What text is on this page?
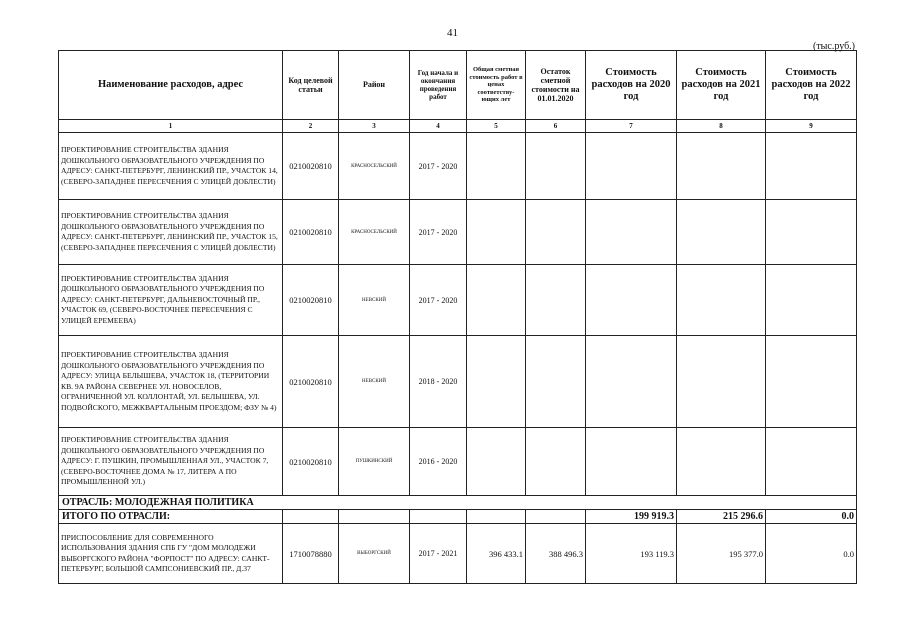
41
(тыс.руб.)
Наименование расходов, адрес	Код целевой статьи	Район	Год начала и окончания проведения работ	Общая сметная стоимость работ в ценах соответству-ющих лет	Остаток сметной стоимости на 01.01.2020	Стоимость расходов на 2020 год	Стоимость расходов на 2021 год	Стоимость расходов на 2022 год
1	2	3	4	5	6	7	8	9
ПРОЕКТИРОВАНИЕ СТРОИТЕЛЬСТВА ЗДАНИЯ ДОШКОЛЬНОГО ОБРАЗОВАТЕЛЬНОГО УЧРЕЖДЕНИЯ ПО АДРЕСУ: САНКТ-ПЕТЕРБУРГ, ЛЕНИНСКИЙ ПР., УЧАСТОК 14, (СЕВЕРО-ЗАПАДНЕЕ ПЕРЕСЕЧЕНИЯ С УЛИЦЕЙ ДОБЛЕСТИ)	0210020810	КРАСНОСЕЛЬСКИЙ	2017 - 2020					
ПРОЕКТИРОВАНИЕ СТРОИТЕЛЬСТВА ЗДАНИЯ ДОШКОЛЬНОГО ОБРАЗОВАТЕЛЬНОГО УЧРЕЖДЕНИЯ ПО АДРЕСУ: САНКТ-ПЕТЕРБУРГ, ЛЕНИНСКИЙ ПР., УЧАСТОК 15, (СЕВЕРО-ЗАПАДНЕЕ ПЕРЕСЕЧЕНИЯ С УЛИЦЕЙ ДОБЛЕСТИ)	0210020810	КРАСНОСЕЛЬСКИЙ	2017 - 2020					
ПРОЕКТИРОВАНИЕ СТРОИТЕЛЬСТВА ЗДАНИЯ ДОШКОЛЬНОГО ОБРАЗОВАТЕЛЬНОГО УЧРЕЖДЕНИЯ ПО АДРЕСУ: САНКТ-ПЕТЕРБУРГ, ДАЛЬНЕВОСТОЧНЫЙ ПР., УЧАСТОК 69, (СЕВЕРО-ВОСТОЧНЕЕ ПЕРЕСЕЧЕНИЯ С УЛИЦЕЙ ЕРЕМЕЕВА)	0210020810	НЕВСКИЙ	2017 - 2020					
ПРОЕКТИРОВАНИЕ СТРОИТЕЛЬСТВА ЗДАНИЯ ДОШКОЛЬНОГО ОБРАЗОВАТЕЛЬНОГО УЧРЕЖДЕНИЯ ПО АДРЕСУ: УЛИЦА БЕЛЫШЕВА, УЧАСТОК 18, (ТЕРРИТОРИИ КВ. 9А РАЙОНА СЕВЕРНЕЕ УЛ. НОВОСЕЛОВ, ОГРАНИЧЕННОЙ УЛ. КОЛЛОНТАЙ, УЛ. БЕЛЫШЕВА, УЛ. ПОДВОЙСКОГО, МЕЖКВАРТАЛЬНЫМ ПРОЕЗДОМ; ФЗУ № 4)	0210020810	НЕВСКИЙ	2018 - 2020					
ПРОЕКТИРОВАНИЕ СТРОИТЕЛЬСТВА ЗДАНИЯ ДОШКОЛЬНОГО ОБРАЗОВАТЕЛЬНОГО УЧРЕЖДЕНИЯ ПО АДРЕСУ: Г. ПУШКИН, ПРОМЫШЛЕННАЯ УЛ., УЧАСТОК 7, (СЕВЕРО-ВОСТОЧНЕЕ ДОМА № 17, ЛИТЕРА А ПО ПРОМЫШЛЕННОЙ УЛ.)	0210020810	ПУШКИНСКИЙ	2016 - 2020					
ОТРАСЛЬ: МОЛОДЕЖНАЯ ПОЛИТИКА								
ИТОГО ПО ОТРАСЛИ:						199 919.3	215 296.6	0.0
ПРИСПОСОБЛЕНИЕ ДЛЯ СОВРЕМЕННОГО ИСПОЛЬЗОВАНИЯ ЗДАНИЯ СПБ ГУ "ДОМ МОЛОДЕЖИ ВЫБОРГСКОГО РАЙОНА "ФОРПОСТ" ПО АДРЕСУ: САНКТ-ПЕТЕРБУРГ, БОЛЬШОЙ САМПСОНИЕВСКИЙ ПР., Д.37	1710078880	ВЫБОРГСКИЙ	2017 - 2021	396 433.1	388 496.3	193 119.3	195 377.0	0.0
